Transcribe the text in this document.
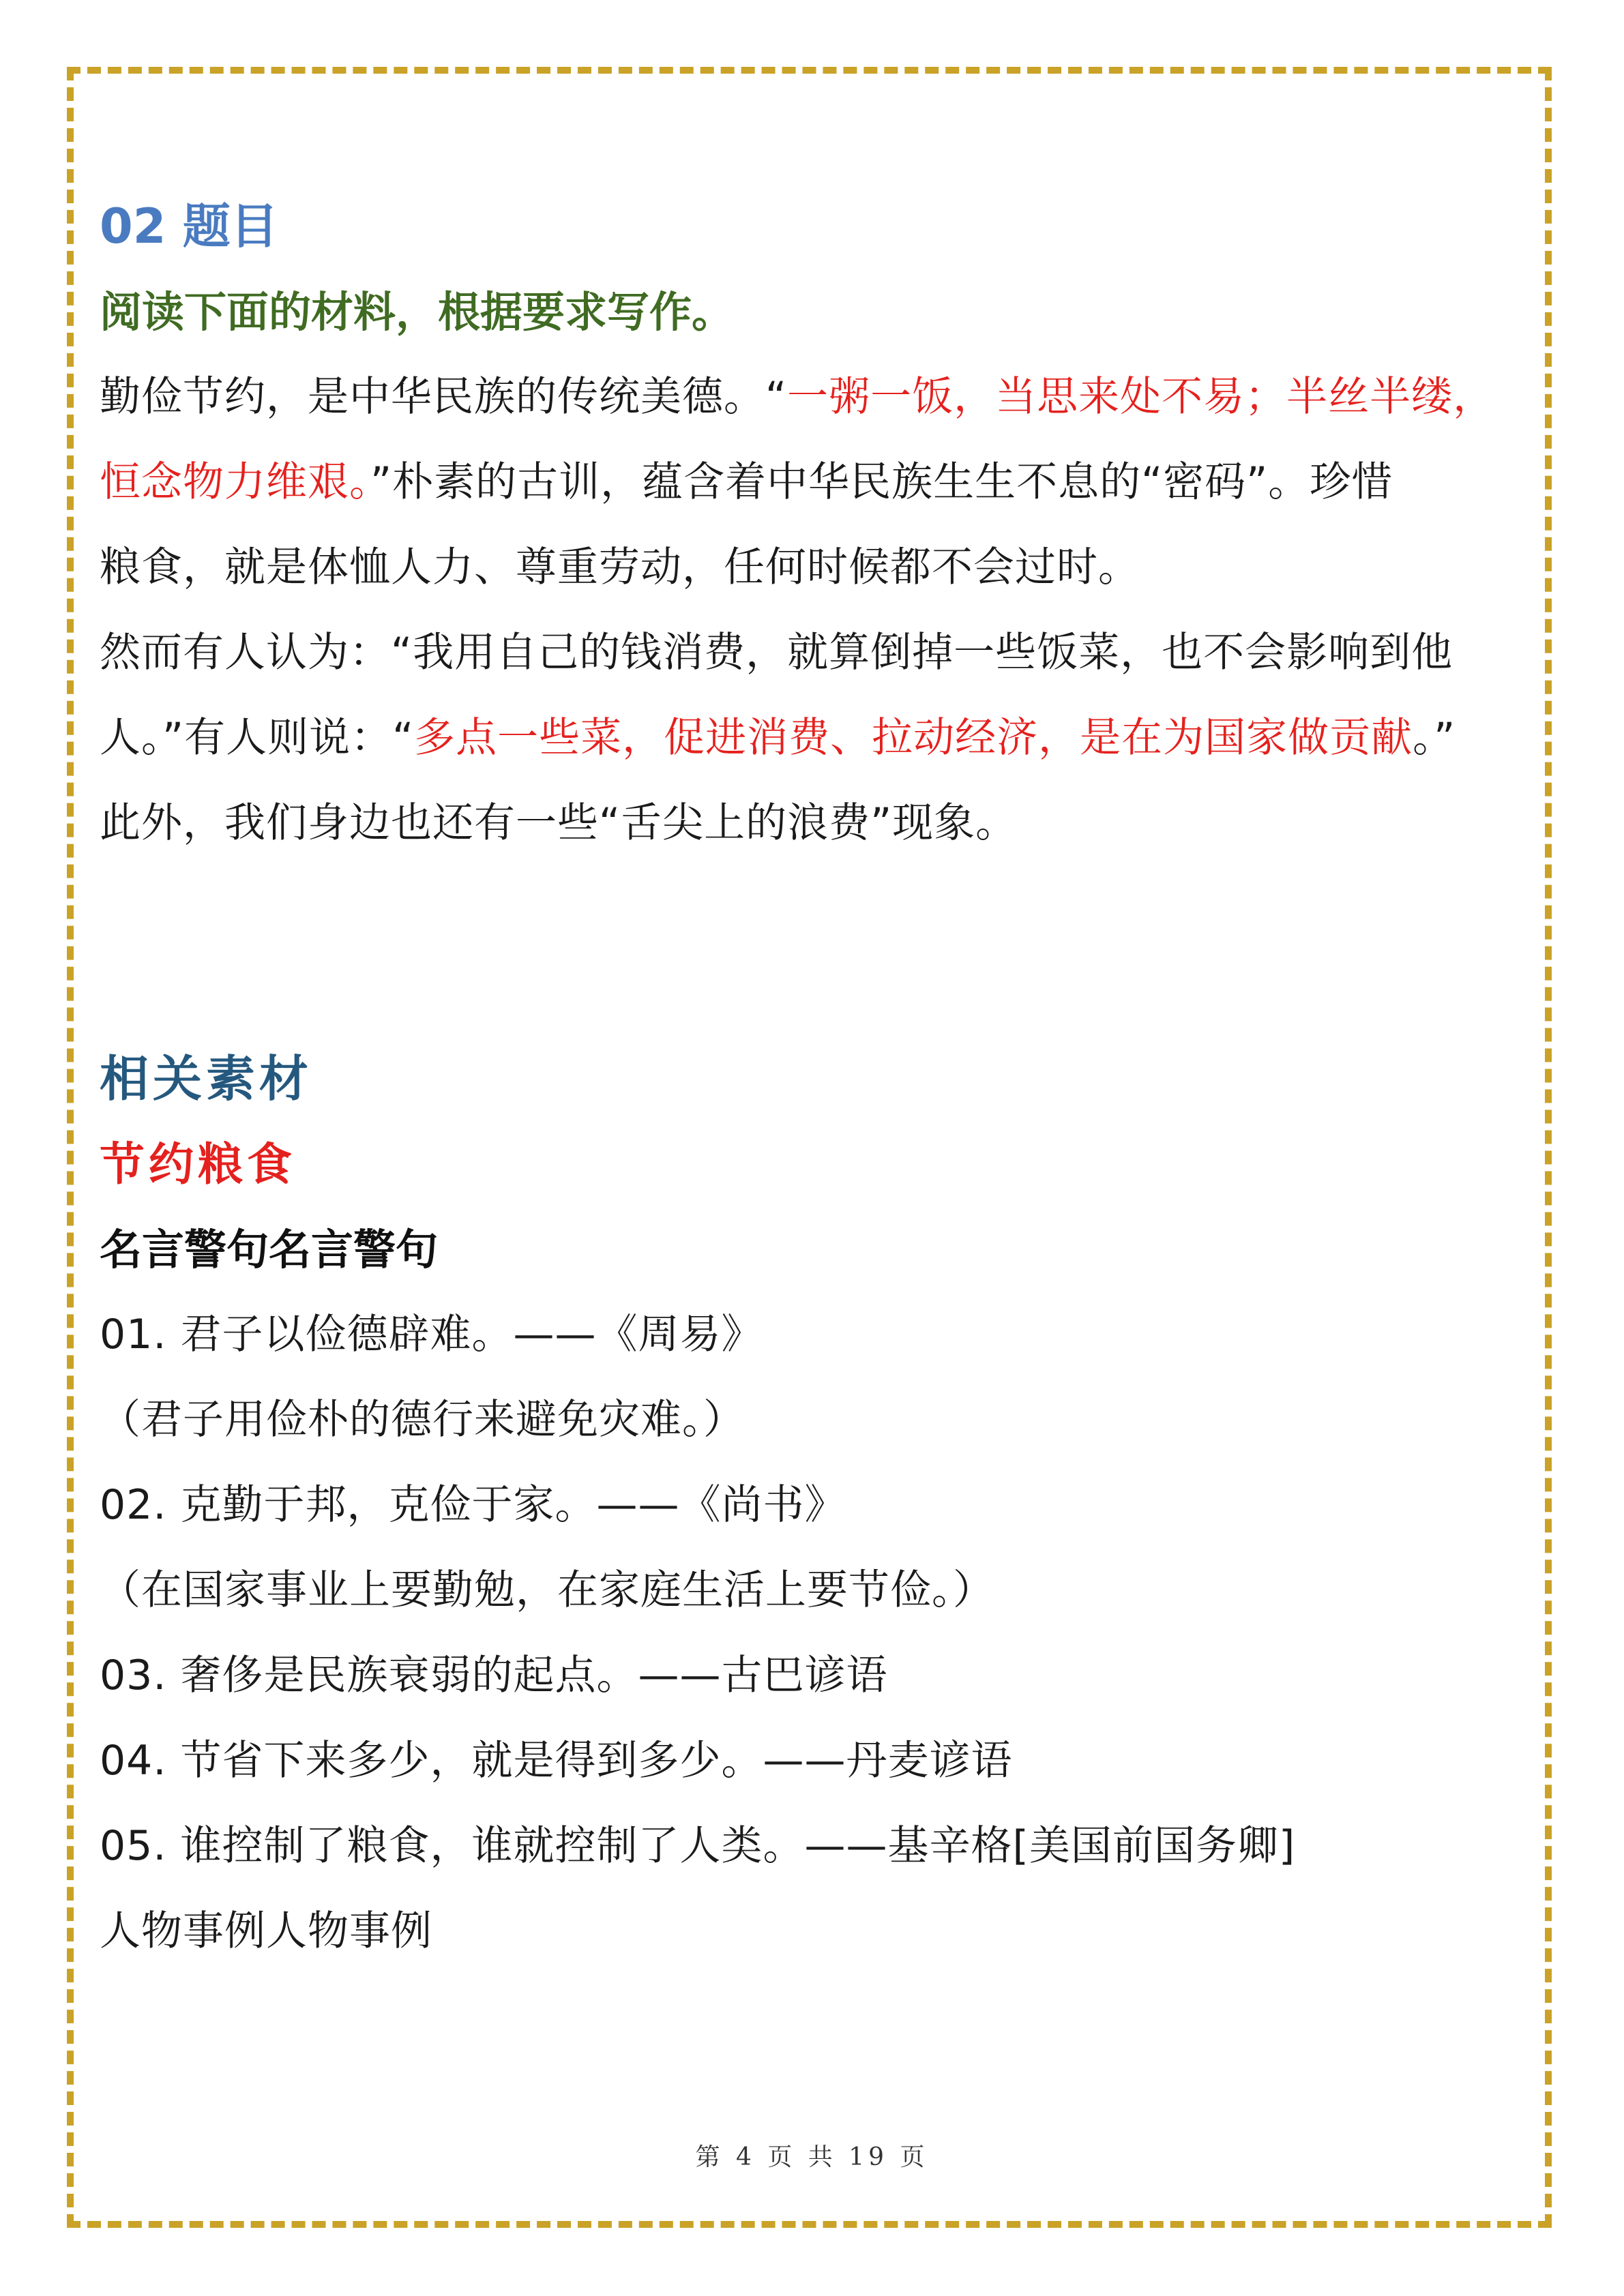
02 题目
阅读下面的材料，根据要求写作。
勤俭节约，是中华民族的传统美德。“一粥一饭，当思来处不易；半丝半缕，
恒念物力维艰。”朴素的古训，蕴含着中华民族生生不息的“密码”。珍惜
粮食，就是体恤人力、尊重劳动，任何时候都不会过时。
然而有人认为：“我用自己的钱消费，就算倒掉一些饭菜，也不会影响到他
人。”有人则说：“多点一些菜，促进消费、拉动经济，是在为国家做贡献。”
此外，我们身边也还有一些“舌尖上的浪费”现象。
相关素材
节约粮食
名言警句名言警句
01. 君子以俭德辟难。——《周易》
（君子用俭朴的德行来避免灾难。）
02. 克勤于邦，克俭于家。——《尚书》
（在国家事业上要勤勉，在家庭生活上要节俭。）
03. 奢侈是民族衰弱的起点。——古巴谚语
04. 节省下来多少，就是得到多少。——丹麦谚语
05. 谁控制了粮食，谁就控制了人类。——基辛格[美国前国务卿]
人物事例人物事例
第 4 页 共 19 页
